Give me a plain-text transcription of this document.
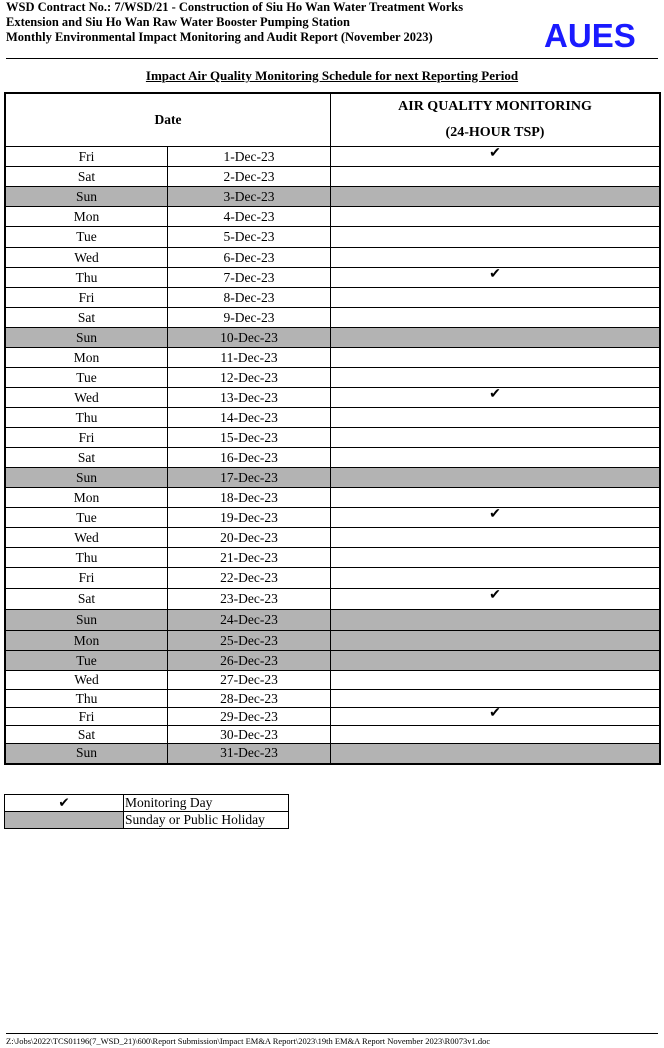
WSD Contract No.: 7/WSD/21 - Construction of Siu Ho Wan Water Treatment Works
Extension and Siu Ho Wan Raw Water Booster Pumping Station
Monthly Environmental Impact Monitoring and Audit Report (November 2023)	AUES
Impact Air Quality Monitoring Schedule for next Reporting Period
Date		AIR QUALITY MONITORING
(24-HOUR TSP)

Fri	1-Dec-23	✔
Sat	2-Dec-23	
Sun	3-Dec-23	
Mon	4-Dec-23	
Tue	5-Dec-23	
Wed	6-Dec-23	
Thu	7-Dec-23	✔
Fri	8-Dec-23	
Sat	9-Dec-23	
Sun	10-Dec-23	
Mon	11-Dec-23	
Tue	12-Dec-23	
Wed	13-Dec-23	✔
Thu	14-Dec-23	
Fri	15-Dec-23	
Sat	16-Dec-23	
Sun	17-Dec-23	
Mon	18-Dec-23	
Tue	19-Dec-23	✔
Wed	20-Dec-23	
Thu	21-Dec-23	
Fri	22-Dec-23	
Sat	23-Dec-23	✔
Sun	24-Dec-23	
Mon	25-Dec-23	
Tue	26-Dec-23	
Wed	27-Dec-23	
Thu	28-Dec-23	
Fri	29-Dec-23	✔
Sat	30-Dec-23	
Sun	31-Dec-23	
✔	Monitoring Day
	Sunday or Public Holiday
Z:\Jobs\2022\TCS01196(7_WSD_21)\600\Report Submission\Impact EM&A Report\2023\19th EM&A Report November 2023\R0073v1.doc
